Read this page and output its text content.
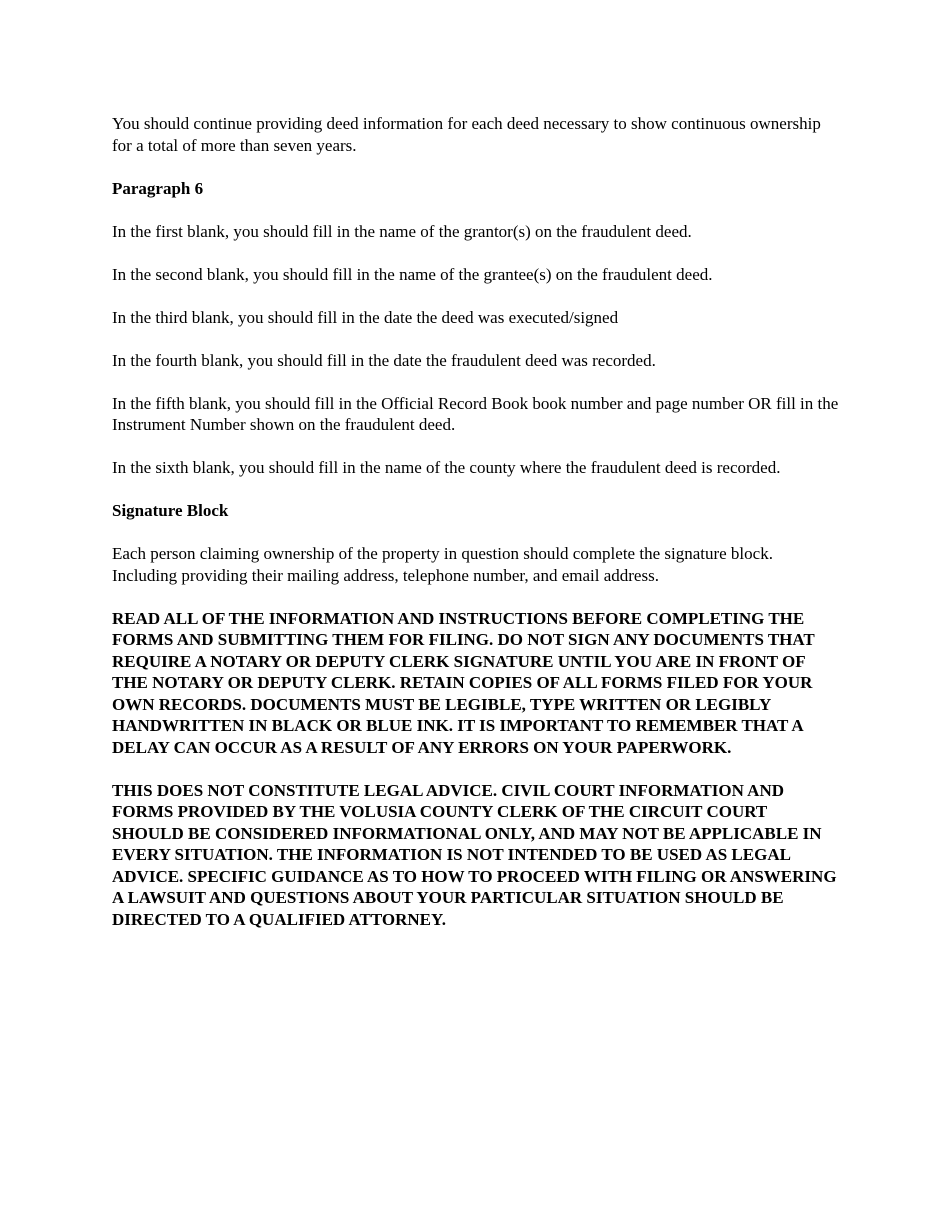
You should continue providing deed information for each deed necessary to show continuous ownership for a total of more than seven years.

Paragraph 6

In the first blank, you should fill in the name of the grantor(s) on the fraudulent deed.

In the second blank, you should fill in the name of the grantee(s) on the fraudulent deed.

In the third blank, you should fill in the date the deed was executed/signed

In the fourth blank, you should fill in the date the fraudulent deed was recorded.

In the fifth blank, you should fill in the Official Record Book book number and page number OR fill in the Instrument Number shown on the fraudulent deed.

In the sixth blank, you should fill in the name of the county where the fraudulent deed is recorded.

Signature Block

Each person claiming ownership of the property in question should complete the signature block. Including providing their mailing address, telephone number, and email address.

READ ALL OF THE INFORMATION AND INSTRUCTIONS BEFORE COMPLETING THE FORMS AND SUBMITTING THEM FOR FILING. DO NOT SIGN ANY DOCUMENTS THAT REQUIRE A NOTARY OR DEPUTY CLERK SIGNATURE UNTIL YOU ARE IN FRONT OF THE NOTARY OR DEPUTY CLERK. RETAIN COPIES OF ALL FORMS FILED FOR YOUR OWN RECORDS. DOCUMENTS MUST BE LEGIBLE, TYPE WRITTEN OR LEGIBLY HANDWRITTEN IN BLACK OR BLUE INK. IT IS IMPORTANT TO REMEMBER THAT A DELAY CAN OCCUR AS A RESULT OF ANY ERRORS ON YOUR PAPERWORK.

THIS DOES NOT CONSTITUTE LEGAL ADVICE. CIVIL COURT INFORMATION AND FORMS PROVIDED BY THE VOLUSIA COUNTY CLERK OF THE CIRCUIT COURT SHOULD BE CONSIDERED INFORMATIONAL ONLY, AND MAY NOT BE APPLICABLE IN EVERY SITUATION. THE INFORMATION IS NOT INTENDED TO BE USED AS LEGAL ADVICE. SPECIFIC GUIDANCE AS TO HOW TO PROCEED WITH FILING OR ANSWERING A LAWSUIT AND QUESTIONS ABOUT YOUR PARTICULAR SITUATION SHOULD BE DIRECTED TO A QUALIFIED ATTORNEY.
